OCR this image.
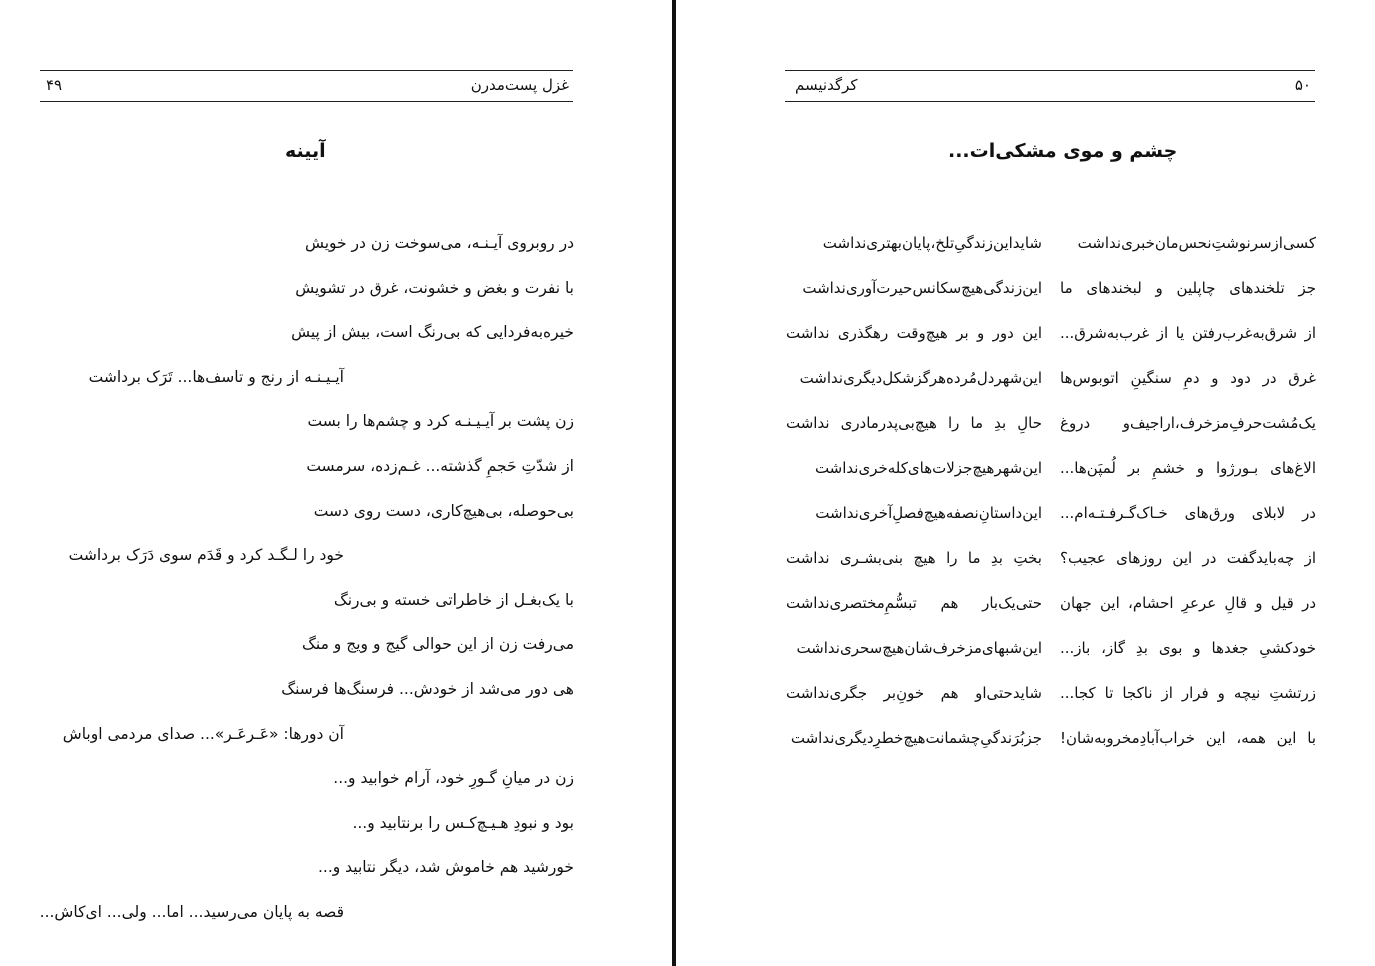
غزل پست‌مدرن
۴۹
آیینه
در روبروی آیـنـه، می‌سوخت زن در خویش
با نفرت و بغض و خشونت، غرق در تشویش
خیره‌به‌فردایی که بی‌رنگ است، بیش از پیش
آیـیـنـه از رنج و تاسف‌ها... تَرَک برداشت
زن پشت بر آیـیـنـه کرد و چشم‌ها را بست
از شدّتِ حَجمِ گذشته... غـم‌زده، سرمست
بی‌حوصله، بی‌هیچ‌کاری، دست روی دست
خود را لـگـد کرد و قَدَم سوی دَرَک برداشت
با یک‌بغـل از خاطراتی خسته و بی‌رنگ
می‌رفت زن از این حوالی گیج و ویج و منگ
هی دور می‌شد از خودش... فرسنگ‌ها فرسنگ
آن دورها: «عَـرعَـر»... صدای مردمی اوباش
زن در میانِ گـورِ خود، آرام خوابید و...
بود و نبودِ هـیـچ‌کـس را برنتابید و...
خورشید هم خاموش شد، دیگر نتابید و...
قصه به پایان می‌رسید... اما... ولی... ای‌کاش...
کرگدنیسم	۵۰
چشم و موی مشکی‌ات...
کسی‌ازسرنوشتِ‌نحس‌مان‌خبری‌نداشت
شایداین‌زندگیِ‌تلخ،پایان‌بهتری‌نداشت
جز تلخندهای چاپلین و لبخندهای ما
این‌زندگی‌هیچ‌سکانس‌حیرت‌آوری‌نداشت
از شرق‌به‌غرب‌رفتن یا از غرب‌به‌شرق...
این دور و بر هیچ‌وقت رهگذری نداشت
غرق در دود و دمِ سنگینِ اتوبوس‌ها
این‌شهردل‌مُرده‌هرگزشکل‌دیگری‌نداشت
یک‌مُشت‌حرفِ‌مزخرف،اراجیف‌و دروغ
حالِ بدِ ما را هیچ‌بی‌پدرمادری نداشت
الاغ‌های بـورژوا و خشمِ بر لُمپَن‌ها...
این‌شهرهیچ‌جزلات‌های‌کله‌خری‌نداشت
در لابلای ورق‌های خـاک‌گـرفـتـه‌ام...
این‌داستانِ‌نصفه‌هیچ‌فصلِ‌آخری‌نداشت
از چه‌باید‌گفت در این روزهای عجیب؟
بختِ بدِ ما را هیچ بنی‌بشـری نداشت
در قیل و قالِ عرعرِ احشام، این جهان
حتی‌یک‌بار هم تبسُّمِ‌مختصری‌نداشت
خودکشیِ جغدها و بوی بدِ گاز، باز...
این‌شبهای‌مزخرف‌شان‌هیچ‌سحری‌نداشت
زرتشتِ نیچه و فرار از ناکجا تا کجا...
شاید‌حتی‌او هم خونِ‌بر جگری‌نداشت
با این همه، این خراب‌آبادِمخروبه‌شان!
جزبُرَندگیِ‌چشمانت‌هیچ‌خطرِدیگری‌نداشت
